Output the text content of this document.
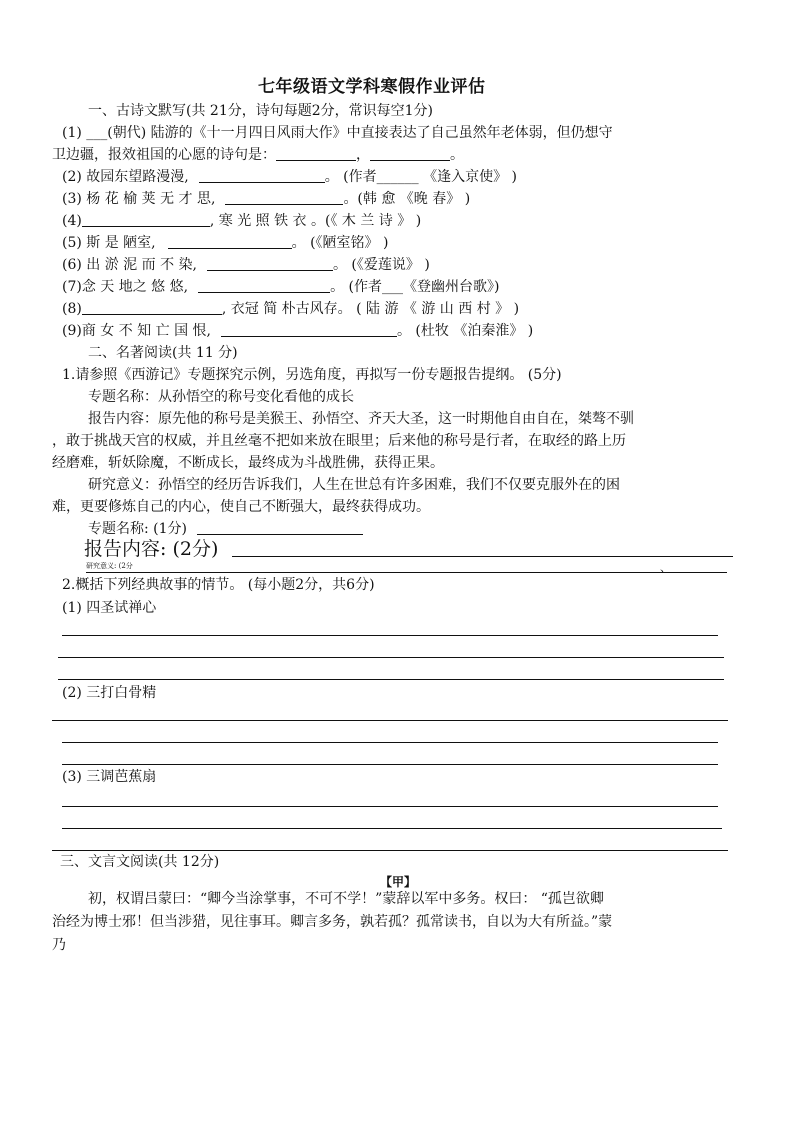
七年级语文学科寒假作业评估
一、古诗文默写(共 21分，诗句每题2分，常识每空1分)
(1) ___(朝代) 陆游的《十一月四日风雨大作》中直接表达了自己虽然年老体弱，但仍想守
卫边疆，报效祖国的心愿的诗句是：	，	。
(2) 故园东望路漫漫,	。 (作者______ 《逢入京使》 )
(3) 杨 花 榆 荚 无 才 思,	。(韩 愈 《晚 春》 )
(4)	, 寒 光 照 铁 衣 。(《 木 兰 诗 》 )
(5) 斯 是 陋室,	。 (《陋室铭》 )
(6) 出 淤 泥 而 不 染,	。 (《爱莲说》 )
(7)念 天 地之 悠 悠,	。 (作者___《登幽州台歌》)
(8)	, 衣冠 简 朴古风存。 ( 陆 游 《 游 山 西 村 》 )
(9)商 女 不 知 亡 国 恨,	。 (杜牧 《泊秦淮》 )
二、名著阅读(共 11 分)
1.请参照《西游记》专题探究示例，另选角度，再拟写一份专题报告提纲。 (5分)
专题名称：从孙悟空的称号变化看他的成长
报告内容：原先他的称号是美猴王、孙悟空、齐天大圣，这一时期他自由自在，桀骜不驯
，敢于挑战天宫的权威，并且丝毫不把如来放在眼里；后来他的称号是行者，在取经的路上历
经磨难，斩妖除魔，不断成长，最终成为斗战胜佛，获得正果。
研究意义：孙悟空的经历告诉我们，人生在世总有许多困难，我们不仅要克服外在的困
难，更要修炼自己的内心，使自己不断强大，最终获得成功。
专题名称: (1分)
报告内容: (2分)
研究意义: (2分	、
2.概括下列经典故事的情节。 (每小题2分，共6分)
(1) 四圣试禅心
(2) 三打白骨精
(3) 三调芭蕉扇
三、文言文阅读(共 12分)
【甲】
初，权谓吕蒙曰：“卿今当涂掌事，不可不学！”蒙辞以军中多务。权曰： “孤岂欲卿
治经为博士邪！但当涉猎，见往事耳。卿言多务，孰若孤？孤常读书，自以为大有所益。”蒙
乃
